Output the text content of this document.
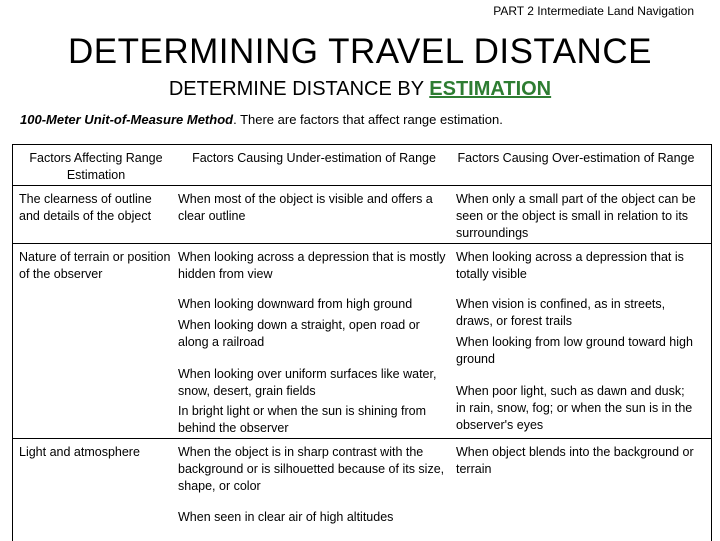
PART 2 Intermediate Land Navigation
DETERMINING TRAVEL DISTANCE
DETERMINE DISTANCE BY ESTIMATION
100-Meter Unit-of-Measure Method. There are factors that affect range estimation.
Factors Affecting Range Estimation
Factors Causing Under-estimation of Range	Factors Causing Over-estimation of Range
The clearness of outline and details of the object
When most of the object is visible and offers a clear outline
When only a small part of the object can be seen or the object is small in relation to its surroundings
Nature of terrain or position of the observer
When looking across a depression that is mostly hidden from view
When looking downward from high ground
When looking down a straight, open road or along a railroad
When looking over uniform surfaces like water, snow, desert, grain fields
In bright light or when the sun is shining from behind the observer
When looking across a depression that is totally visible
When vision is confined, as in streets, draws, or forest trails
When looking from low ground toward high ground
When poor light, such as dawn and dusk; in rain, snow, fog; or when the sun is in the observer's eyes
Light and atmosphere	When the object is in sharp contrast with the background or is silhouetted because of its size, shape, or color
When seen in clear air of high altitudes
When object blends into the background or terrain
